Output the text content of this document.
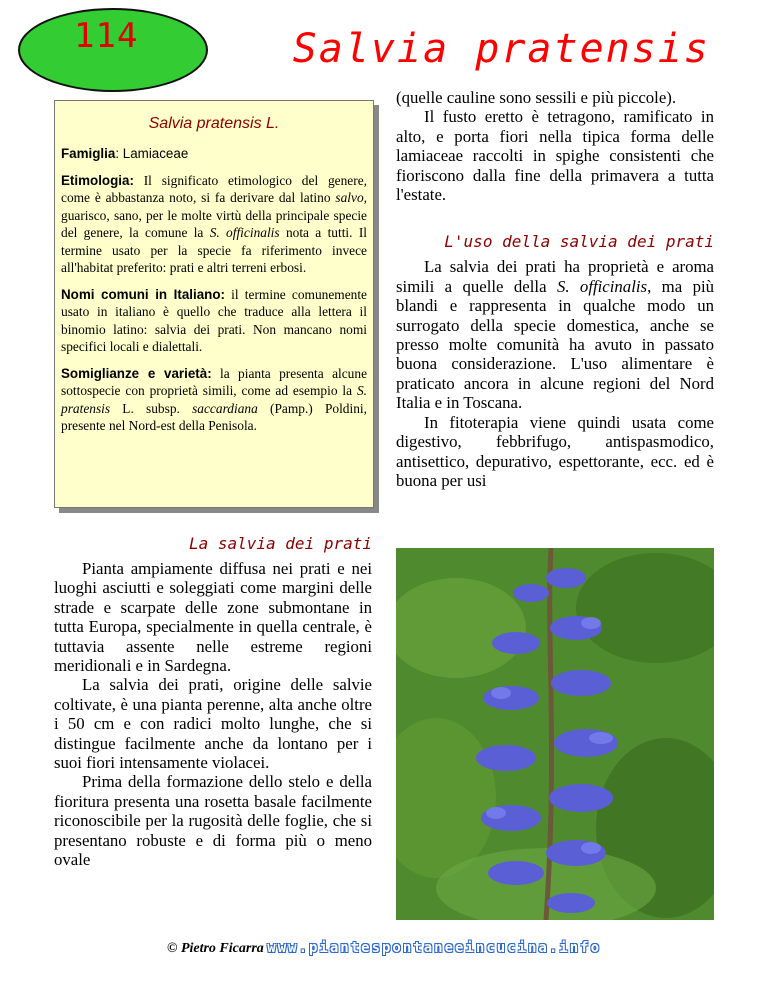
114	Salvia pratensis
Salvia pratensis L.

Famiglia: Lamiaceae

Etimologia: Il significato etimologico del genere, come è abbastanza noto, si fa derivare dal latino salvo, guarisco, sano, per le molte virtù della principale specie del genere, la comune la S. officinalis nota a tutti. Il termine usato per la specie fa riferimento invece all'habitat preferito: prati e altri terreni erbosi.

Nomi comuni in Italiano: il termine comunemente usato in italiano è quello che traduce alla lettera il binomio latino: salvia dei prati. Non mancano nomi specifici locali e dialettali.

Somiglianze e varietà: la pianta presenta alcune sottospecie con proprietà simili, come ad esempio la S. pratensis L. subsp. saccardiana (Pamp.) Poldini, presente nel Nord-est della Penisola.

La salvia dei prati

Pianta ampiamente diffusa nei prati e nei luoghi asciutti e soleggiati come margini delle strade e scarpate delle zone submontane in tutta Europa, specialmente in quella centrale, è tuttavia assente nelle estreme regioni meridionali e in Sardegna.

La salvia dei prati, origine delle salvie coltivate, è una pianta perenne, alta anche oltre i 50 cm e con radici molto lunghe, che si distingue facilmente anche da lontano per i suoi fiori intensamente violacei.

Prima della formazione dello stelo e della fioritura presenta una rosetta basale facilmente riconoscibile per la rugosità delle foglie, che si presentano robuste e di forma più o meno ovale

(quelle cauline sono sessili e più piccole).

Il fusto eretto è tetragono, ramificato in alto, e porta fiori nella tipica forma delle lamiaceae raccolti in spighe consistenti che fioriscono dalla fine della primavera a tutta l'estate.

L'uso della salvia dei prati

La salvia dei prati ha proprietà e aroma simili a quelle della S. officinalis, ma più blandi e rappresenta in qualche modo un surrogato della specie domestica, anche se presso molte comunità ha avuto in passato buona considerazione. L'uso alimentare è praticato ancora in alcune regioni del Nord Italia e in Toscana.

In fitoterapia viene quindi usata come digestivo, febbrifugo, antispasmodico, antisettico, depurativo, espettorante, ecc. ed è buona per usi

© Pietro Ficarra www.piantespontaneeincucina.info
